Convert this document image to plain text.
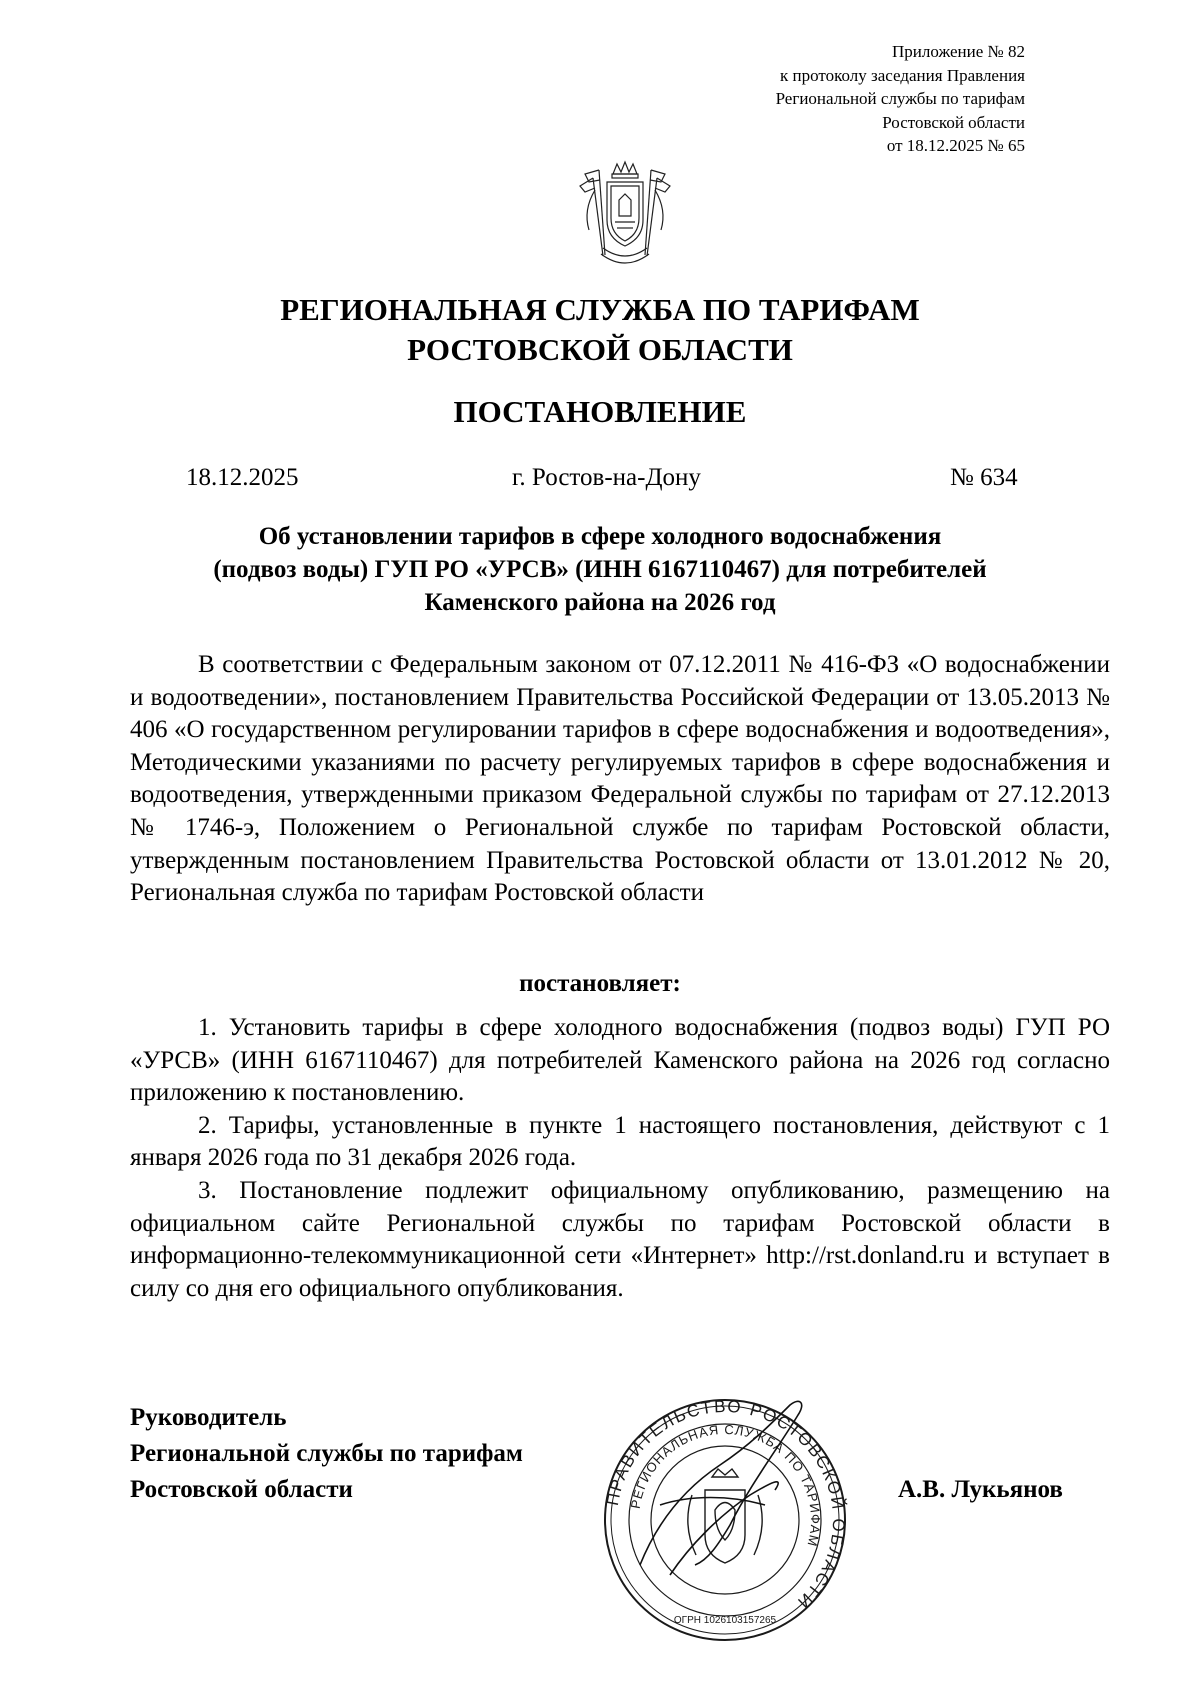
Приложение № 82
к протоколу заседания Правления
Региональной службы по тарифам
Ростовской области
от 18.12.2025 № 65
РЕГИОНАЛЬНАЯ СЛУЖБА ПО ТАРИФАМ
РОСТОВСКОЙ ОБЛАСТИ
ПОСТАНОВЛЕНИЕ
18.12.2025	г. Ростов-на-Дону	№ 634
Об установлении тарифов в сфере холодного водоснабжения
(подвоз воды) ГУП РО «УРСВ» (ИНН 6167110467) для потребителей
Каменского района на 2026 год

В соответствии с Федеральным законом от 07.12.2011 № 416-ФЗ «О водоснабжении и водоотведении», постановлением Правительства Российской Федерации от 13.05.2013 № 406 «О государственном регулировании тарифов в сфере водоснабжения и водоотведения», Методическими указаниями по расчету регулируемых тарифов в сфере водоснабжения и водоотведения, утвержденными приказом Федеральной службы по тарифам от 27.12.2013 № 1746-э, Положением о Региональной службе по тарифам Ростовской области, утвержденным постановлением Правительства Ростовской области от 13.01.2012 № 20, Региональная служба по тарифам Ростовской области

постановляет:

1. Установить тарифы в сфере холодного водоснабжения (подвоз воды) ГУП РО «УРСВ» (ИНН 6167110467) для потребителей Каменского района на 2026 год согласно приложению к постановлению.

2. Тарифы, установленные в пункте 1 настоящего постановления, действуют с 1 января 2026 года по 31 декабря 2026 года.

3. Постановление подлежит официальному опубликованию, размещению на официальном сайте Региональной службы по тарифам Ростовской области в информационно-телекоммуникационной сети «Интернет» http://rst.donland.ru и вступает в силу со дня его официального опубликования.

Руководитель
Региональной службы по тарифам
Ростовской области	А.В. Лукьянов
ПРАВИТЕЛЬСТВО РОСТОВСКОЙ ОБЛАСТИ
РЕГИОНАЛЬНАЯ СЛУЖБА ПО ТАРИФАМ
ОГРН 1026103157265
